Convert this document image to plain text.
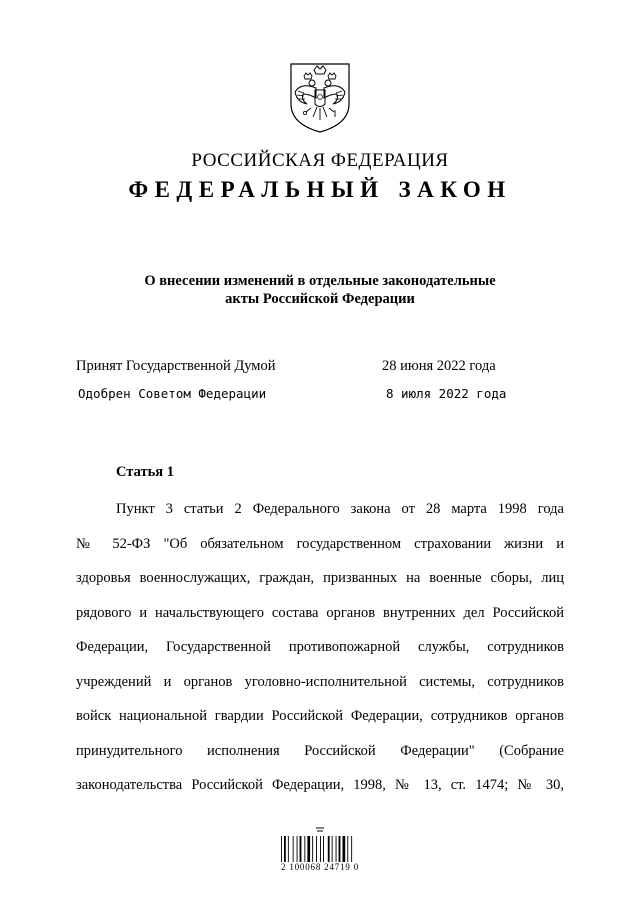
РОССИЙСКАЯ ФЕДЕРАЦИЯ
ФЕДЕРАЛЬНЫЙ ЗАКОН
О внесении изменений в отдельные законодательные
акты Российской Федерации
Принят Государственной Думой	28 июня 2022 года
Одобрен Советом Федерации	8 июля 2022 года
Статья 1
Пункт 3 статьи 2 Федерального закона от 28 марта 1998 года
№ 52-ФЗ "Об обязательном государственном страховании жизни и
здоровья военнослужащих, граждан, призванных на военные сборы, лиц
рядового и начальствующего состава органов внутренних дел Российской
Федерации, Государственной противопожарной службы, сотрудников
учреждений и органов уголовно-исполнительной системы, сотрудников
войск национальной гвардии Российской Федерации, сотрудников органов
принудительного исполнения Российской Федерации" (Собрание
законодательства Российской Федерации, 1998, № 13, ст. 1474; № 30,
2 100068 24719 0
